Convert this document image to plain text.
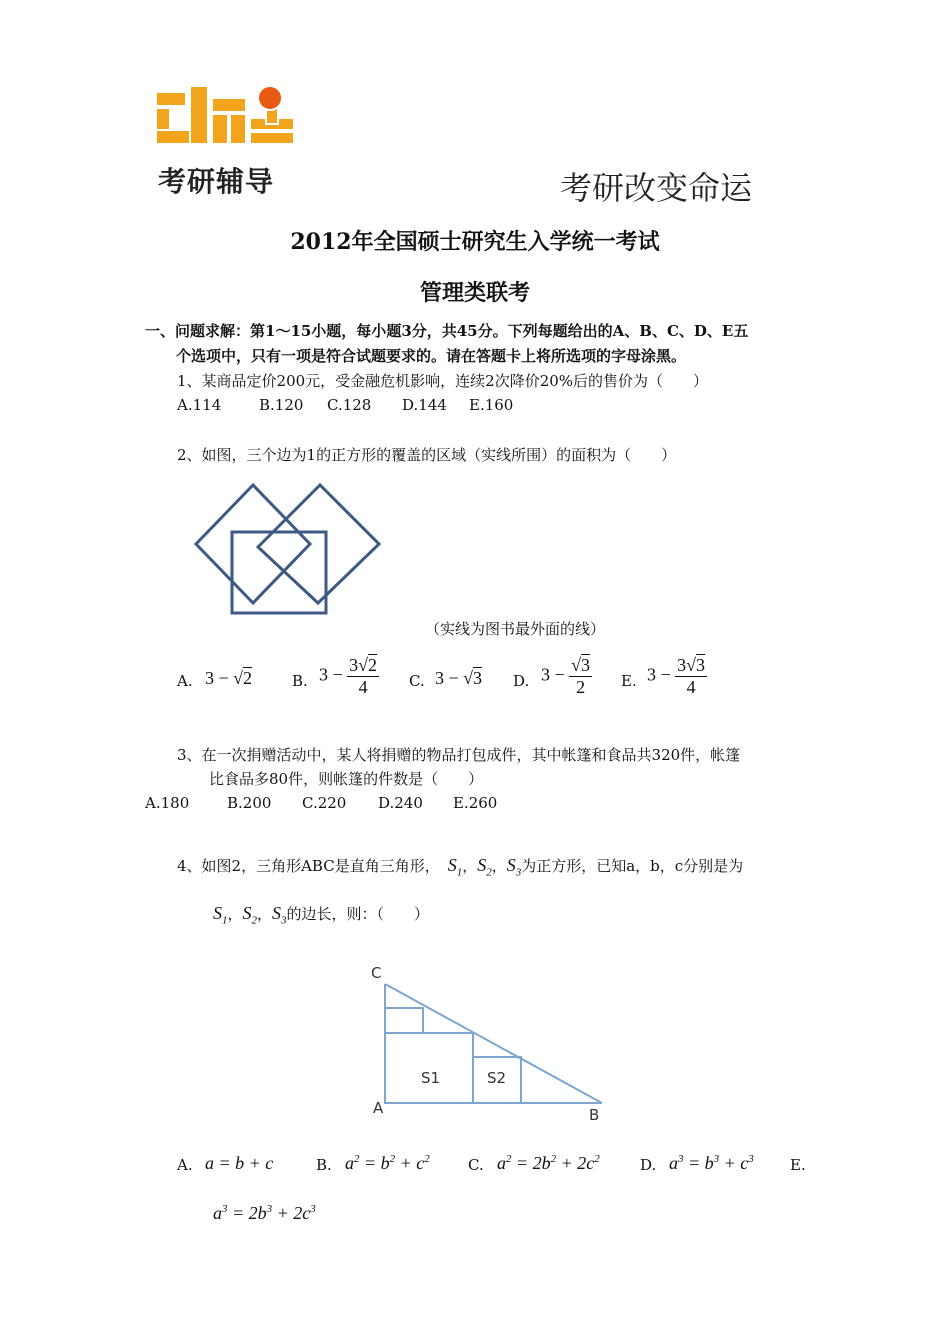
考研辅导	考研改变命运
2012年全国硕士研究生入学统一考试
管理类联考
一、问题求解：第1～15小题，每小题3分，共45分。下列每题给出的A、B、C、D、E五
个选项中，只有一项是符合试题要求的。请在答题卡上将所选项的字母涂黑。
1、某商品定价200元，受金融危机影响，连续2次降价20%后的售价为（　　）
A.114	B.120 C.128 D.144 E.160
2、如图，三个边为1的正方形的覆盖的区域（实线所围）的面积为（　　）
（实线为图书最外面的线）
A. 3 − √2	B. $3 - \frac{3√2}{4} C$. 3 − √3 D. $3 - \frac{√3}{2} E$. $3 - \frac{3√3}{4}$
3、在一次捐赠活动中，某人将捐赠的物品打包成件，其中帐篷和食品共320件，帐篷
比食品多80件，则帐篷的件数是（　　）
A.180	B.200 C.220 D.240 E.260
4、如图2，三角形ABC是直角三角形， $S_1$，$S_2$，$S_3$为正方形，已知a，b，c分别是为
$S_1$，$S_2$，$S_3$的边长，则：（　　）
C
A	B
S1	S2
A. a = b + c	B. $a^2 = b^2 + c^2$	C. $a^2 = 2b^2 + 2c^2$	D. $a^3 = b^3 + c^3$ E.
$a^3 = 2b^3 + 2c^3$
